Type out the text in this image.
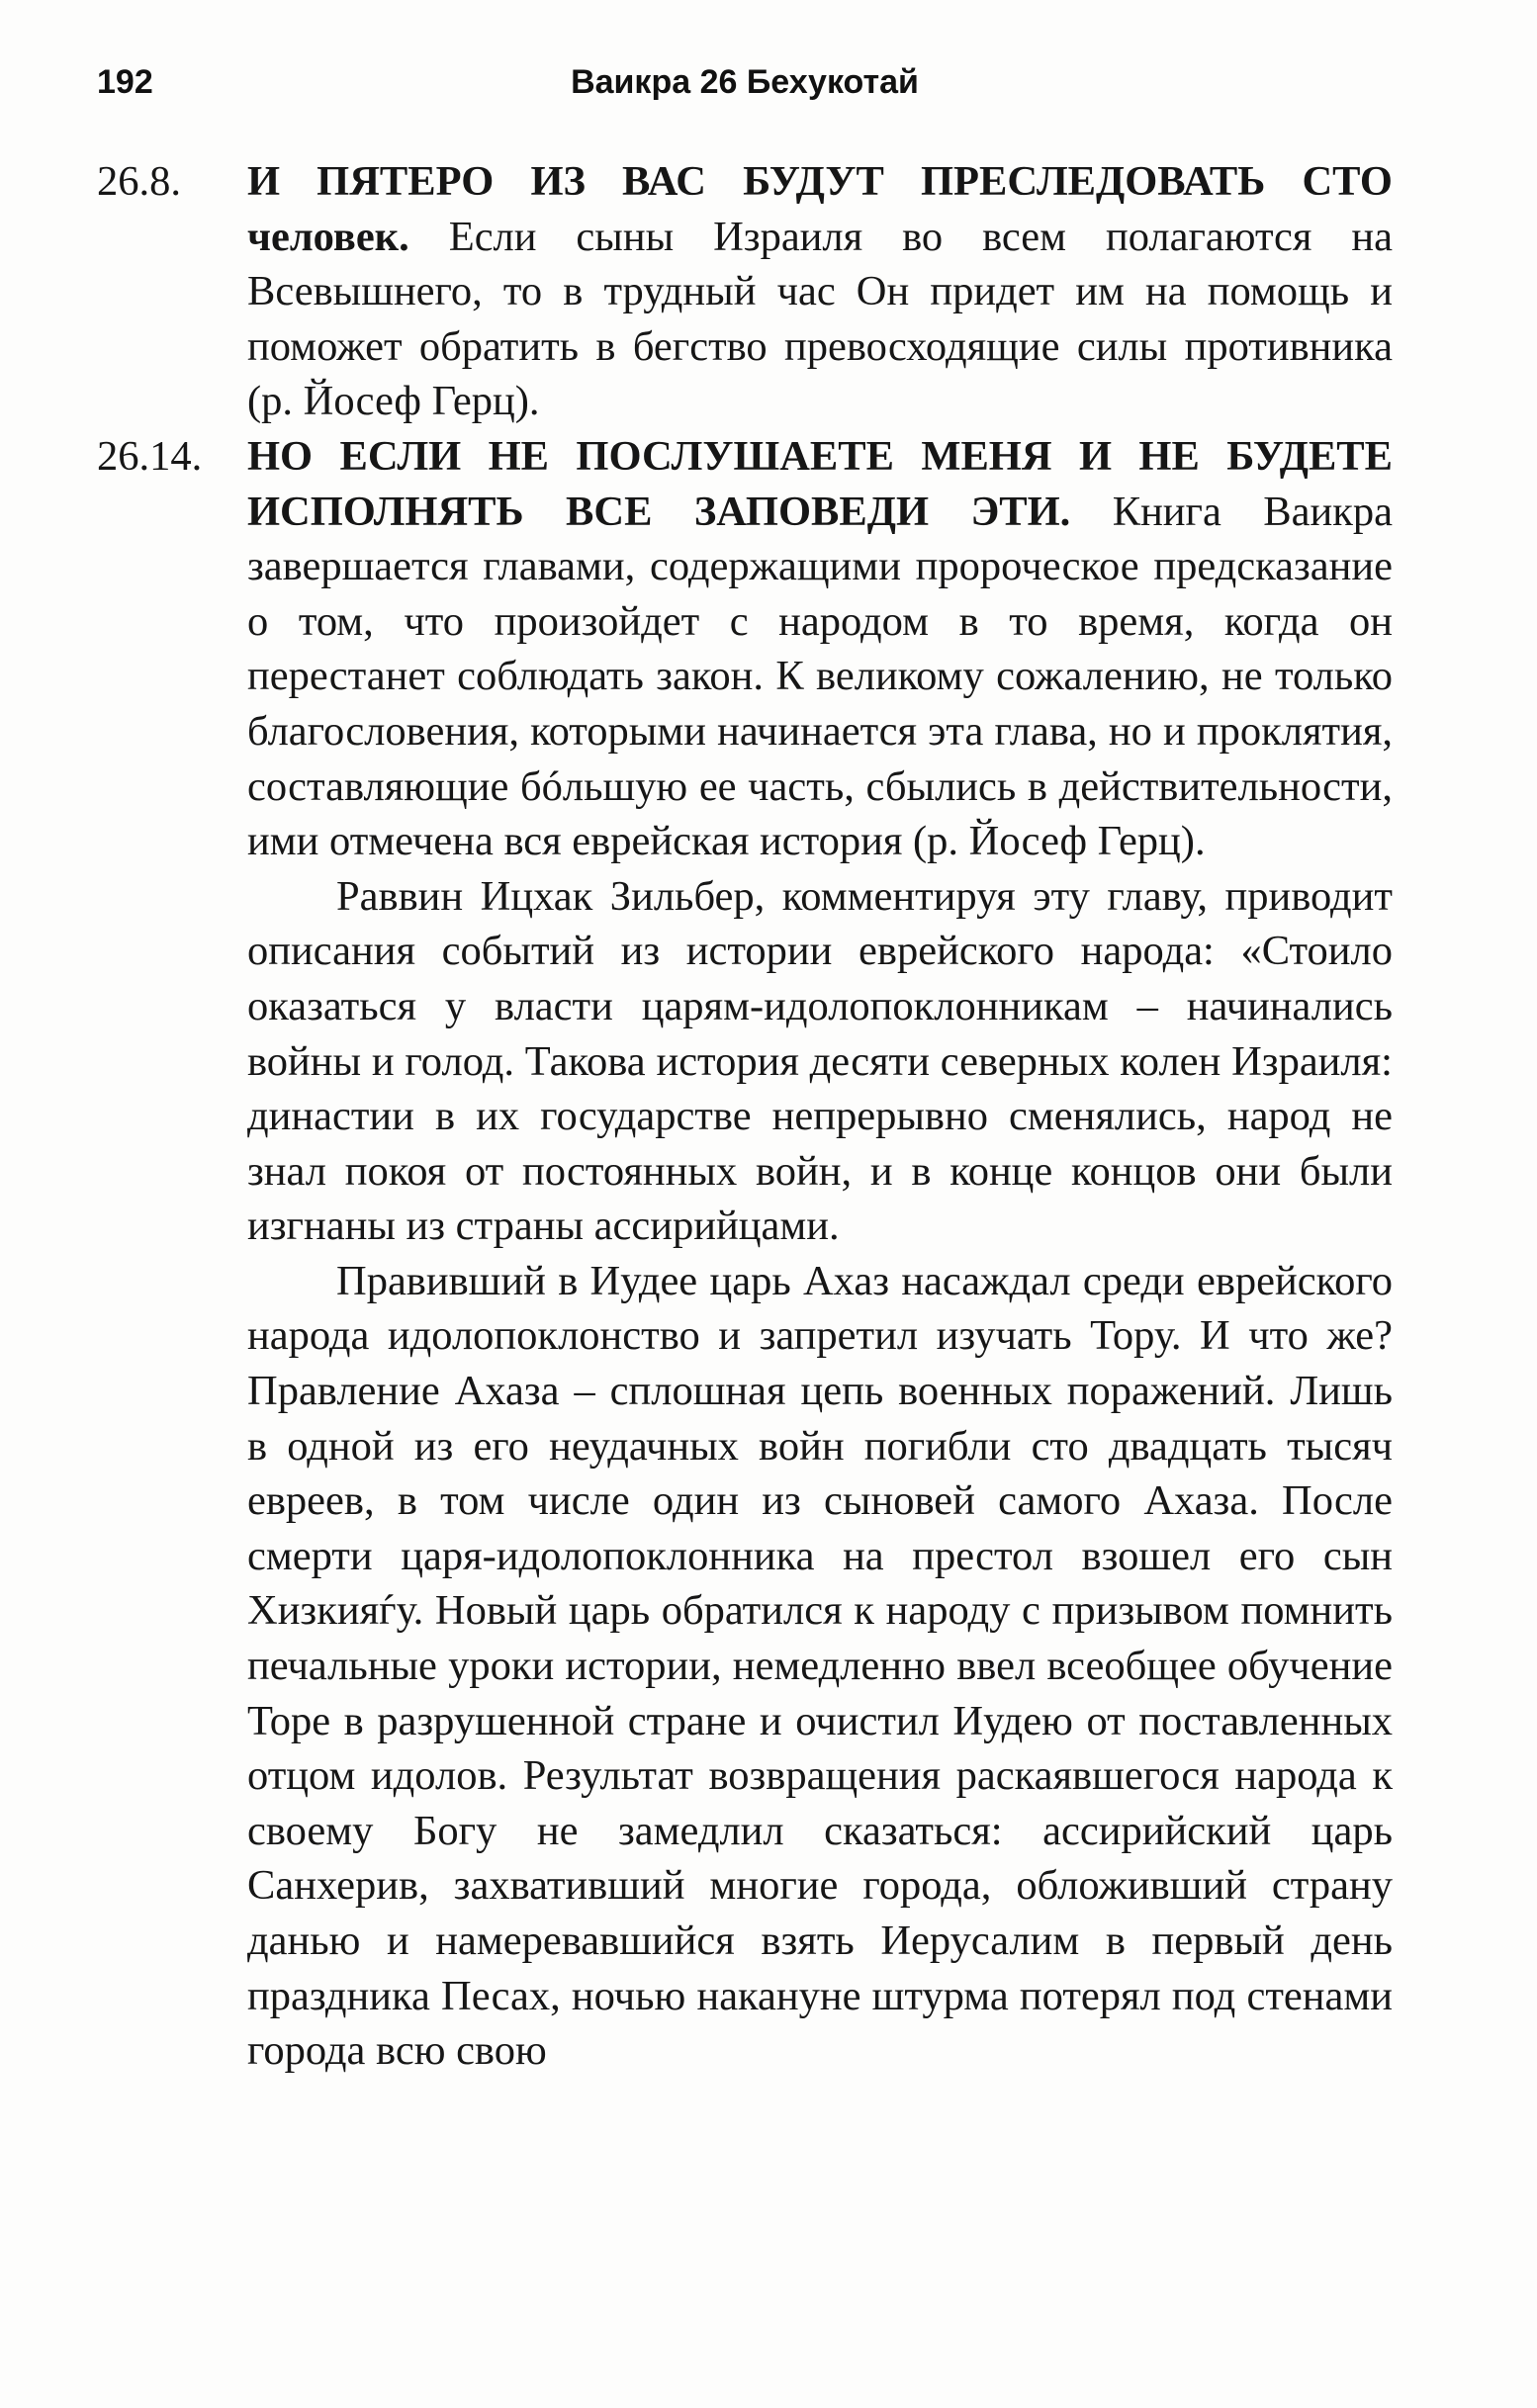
192	Ваикра 26 Бехукотай
26.8.	И ПЯТЕРО ИЗ ВАС БУДУТ ПРЕСЛЕДОВАТЬ СТО человек. Если сыны Израиля во всем полагаются на Всевышнего, то в трудный час Он придет им на помощь и поможет обратить в бегство превосходящие силы противника (р. Йосеф Герц).
26.14.	НО ЕСЛИ НЕ ПОСЛУШАЕТЕ МЕНЯ И НЕ БУДЕТЕ ИСПОЛНЯТЬ ВСЕ ЗАПОВЕДИ ЭТИ. Книга Ваикра завершается главами, содержащими пророческое предсказание о том, что произойдет с народом в то время, когда он перестанет соблюдать закон. К великому сожалению, не только благословения, которыми начинается эта глава, но и проклятия, составляющие бóльшую ее часть, сбылись в действительности, ими отмечена вся еврейская история (р. Йосеф Герц).

Раввин Ицхак Зильбер, комментируя эту главу, приводит описания событий из истории еврейского народа: «Стоило оказаться у власти царям-идолопоклонникам – начинались войны и голод. Такова история десяти северных колен Израиля: династии в их государстве непрерывно сменялись, народ не знал покоя от постоянных войн, и в конце концов они были изгнаны из страны ассирийцами.

Правивший в Иудее царь Ахаз насаждал среди еврейского народа идолопоклонство и запретил изучать Тору. И что же? Правление Ахаза – сплошная цепь военных поражений. Лишь в одной из его неудачных войн погибли сто двадцать тысяч евреев, в том числе один из сыновей самого Ахаза. После смерти царя-идолопоклонника на престол взошел его сын Хизкияѓу. Новый царь обратился к народу с призывом помнить печальные уроки истории, немедленно ввел всеобщее обучение Торе в разрушенной стране и очистил Иудею от поставленных отцом идолов. Результат возвращения раскаявшегося народа к своему Богу не замедлил сказаться: ассирийский царь Санхерив, захвативший многие города, обложивший страну данью и намеревавшийся взять Иерусалим в первый день праздника Песах, ночью накануне штурма потерял под стенами города всю свою
